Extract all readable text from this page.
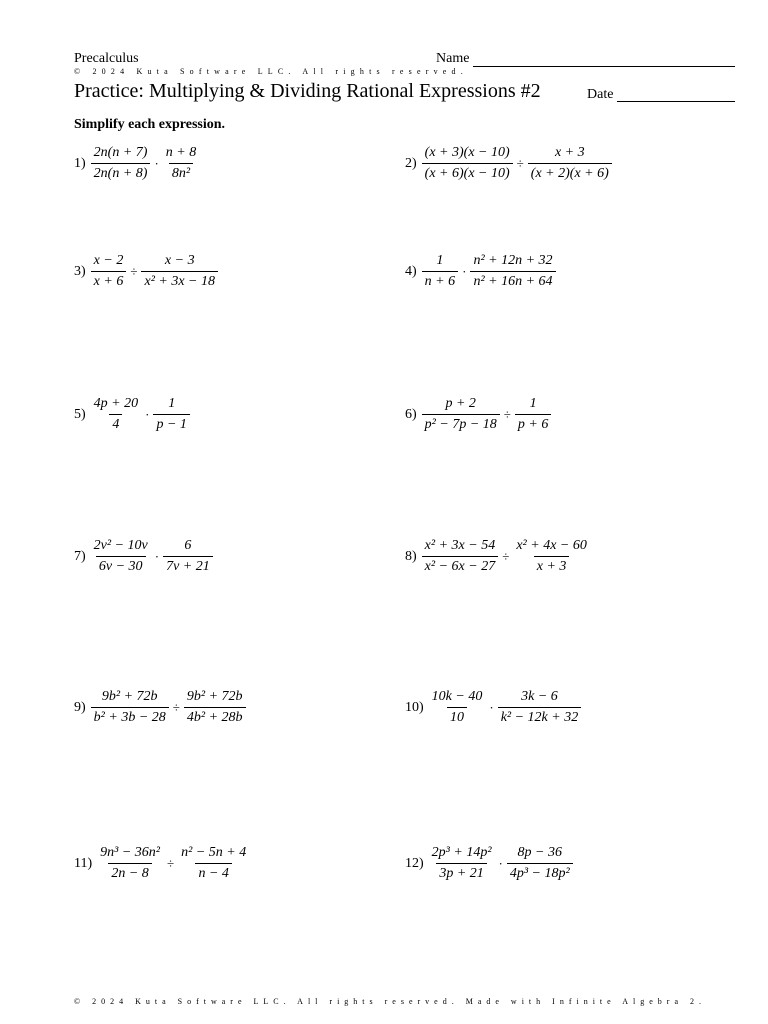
Precalculus	Name
© 2024 Kuta Software LLC. All rights reserved.
Practice: Multiplying & Dividing Rational Expressions #2	Date
Simplify each expression.
$1) \frac{2n(n + 7)}{2n(n + 8)} \cdot \frac{n + 8}{\text{8n²}}$	$2) \frac{(x + 3)(x - 10)}{(x + 6)(x - 10)} \div \frac{x + 3}{(x + 2)(x + 6)}$
$3) \frac{x - 2}{x + 6} \div \frac{x - 3}{\text{x² + 3x − 18}}$	$4) \frac{1}{n + 6} \cdot \frac{\text{n² + 12n + 32}}{\text{n² + 16n + 64}}$
$5) \frac{4p + 20}{4} \cdot \frac{1}{p - 1}$	$6) \frac{p + 2}{\text{p² − 7p − 18}} \div \frac{1}{p + 6}$
$7) \frac{\text{2v² − 10v}}{6v - 30} \cdot \frac{6}{7v + 21}$	$8) \frac{\text{x² + 3x − 54}}{\text{x² − 6x − 27}} \div \frac{\text{x² + 4x − 60}}{x + 3}$
$9) \frac{\text{9b² + 72b}}{\text{b² + 3b − 28}} \div \frac{\text{9b² + 72b}}{\text{4b² + 28b}}$	$10) \frac{10k - 40}{10} \cdot \frac{3k - 6}{\text{k² − 12k + 32}}$
$11) \frac{\text{9n³ − 36n²}}{2n - 8} \div \frac{\text{n² − 5n + 4}}{n - 4}$	$12) \frac{\text{2p³ + 14p²}}{3p + 21} \cdot \frac{8p - 36}{\text{4p³ − 18p²}}$
© 2024 Kuta Software LLC. All rights reserved. Made with Infinite Algebra 2.
